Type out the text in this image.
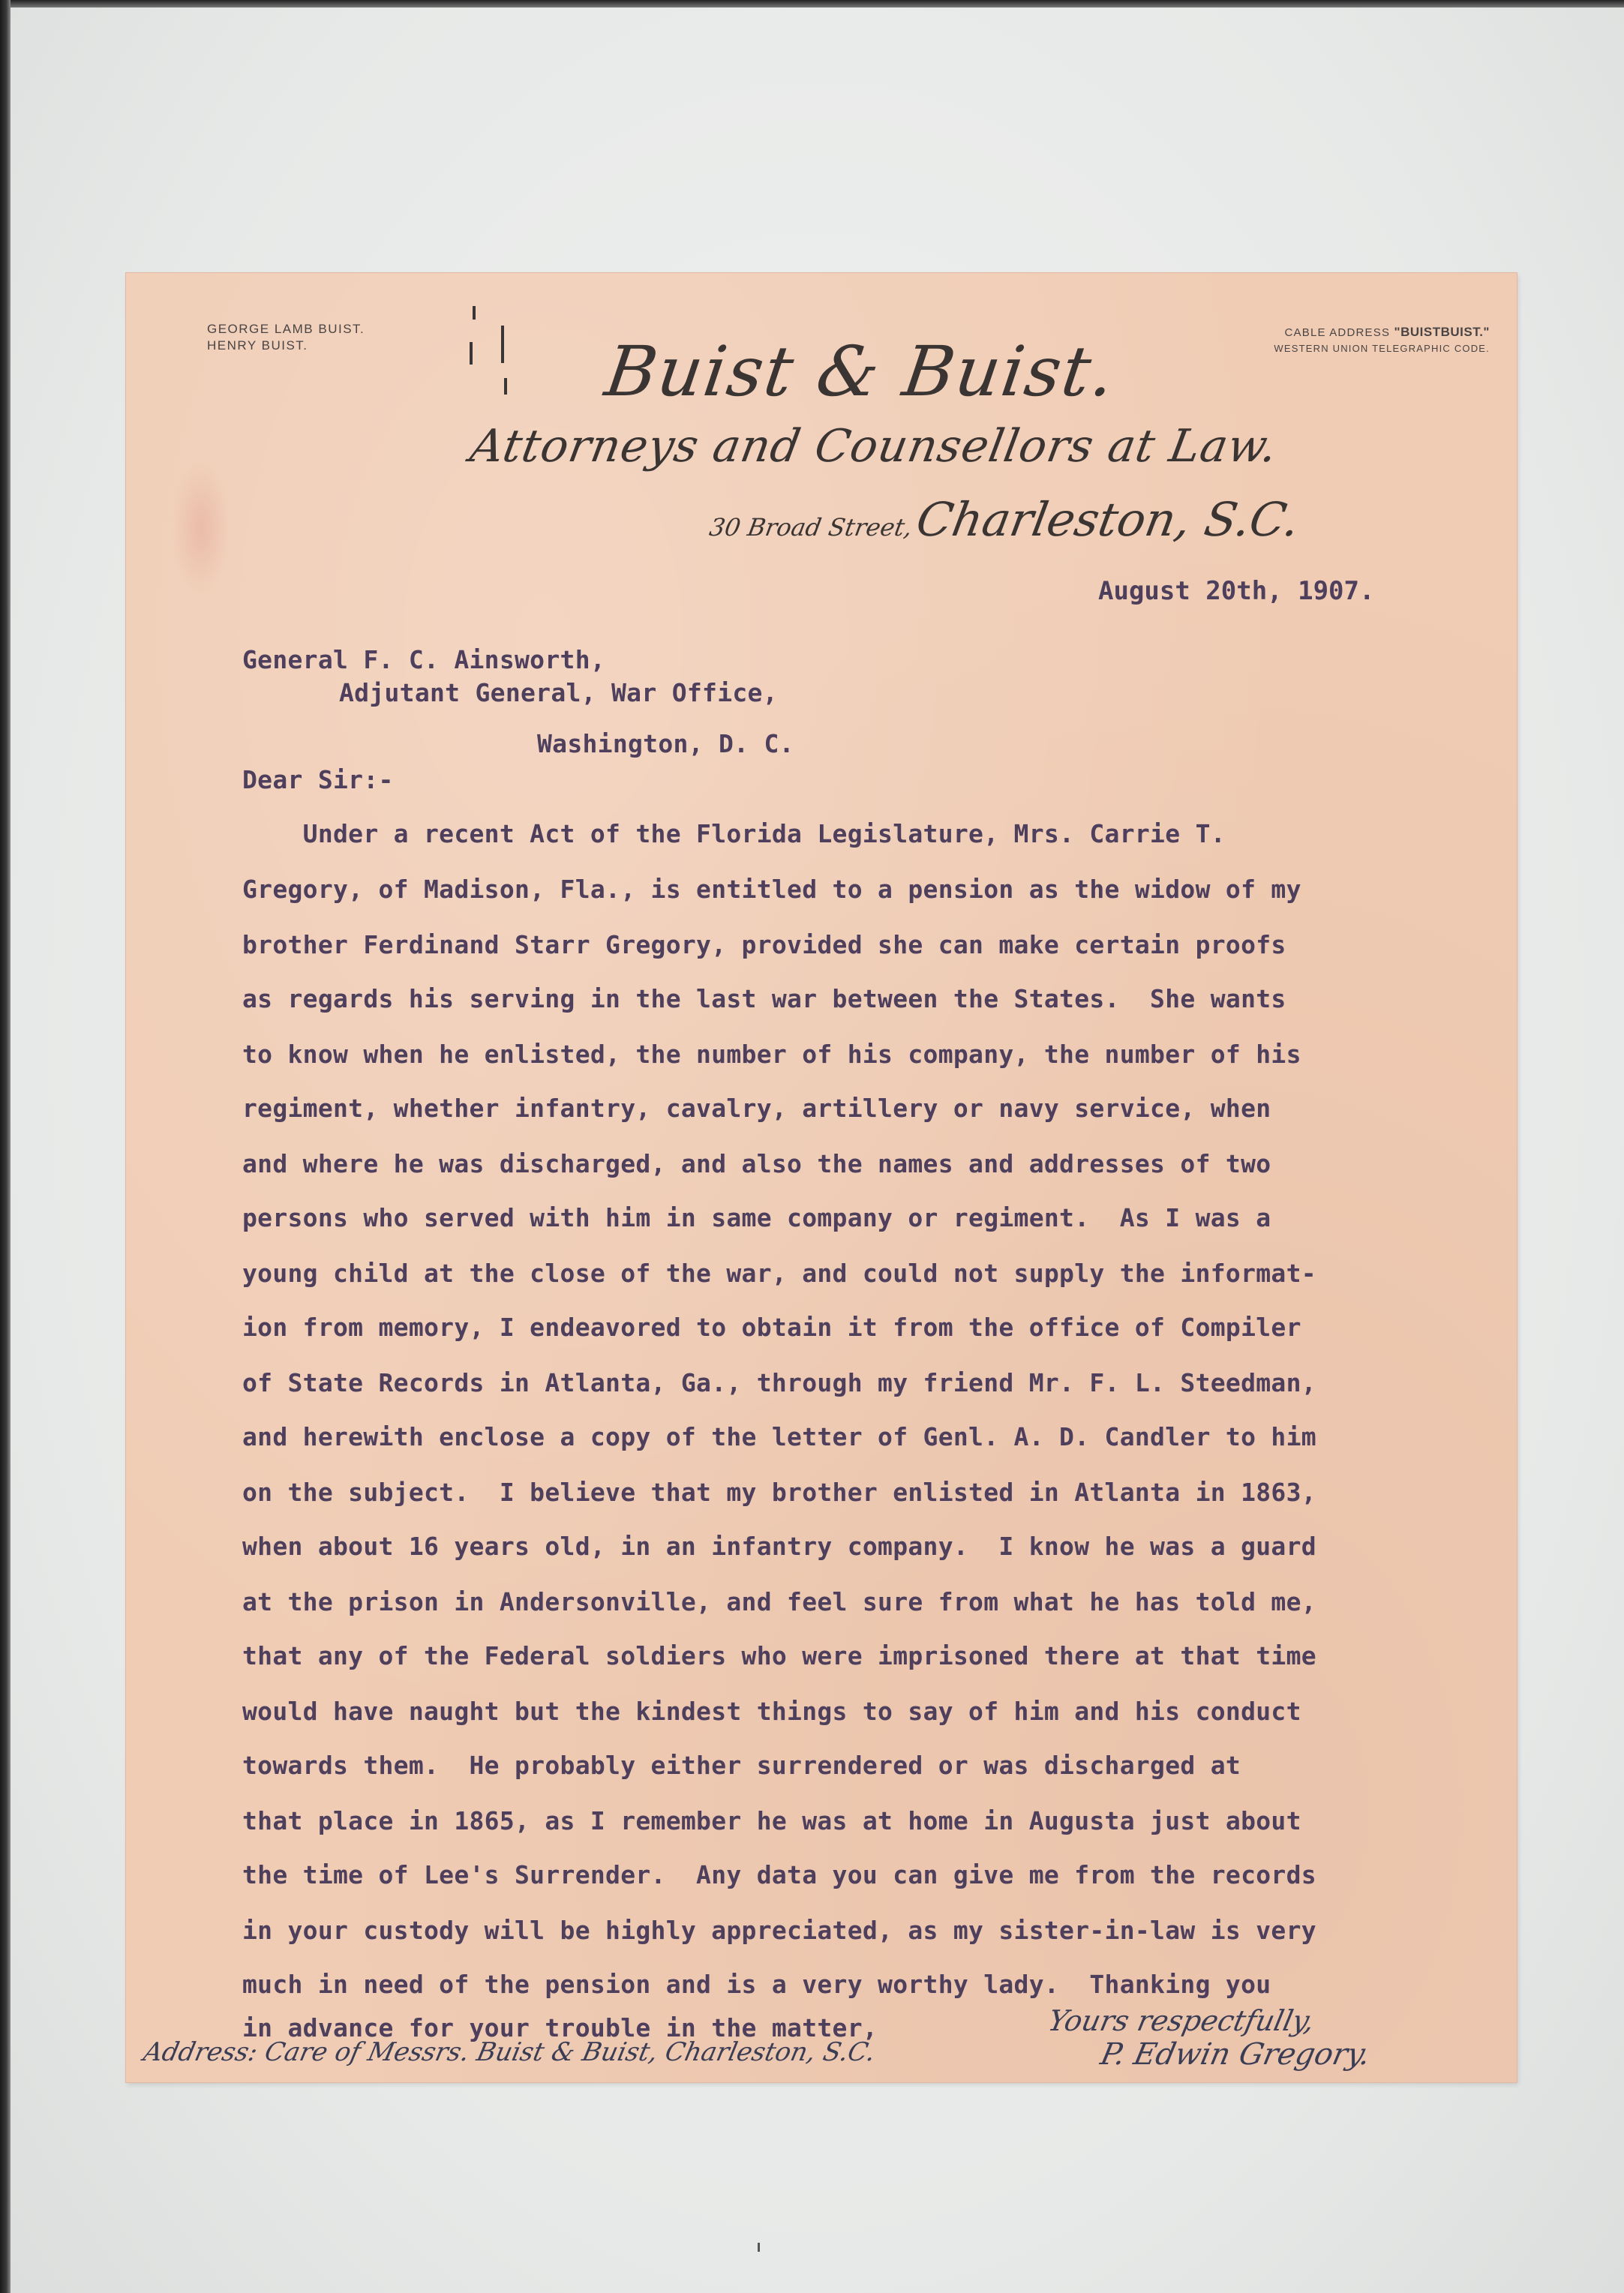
GEORGE LAMB BUIST.
HENRY BUIST.
CABLE ADDRESS "BUISTBUIST."
WESTERN UNION TELEGRAPHIC CODE.
Buist & Buist.
Attorneys and Counsellors at Law.
30 Broad Street, Charleston, S.C.
August 20th, 1907.
General F. C. Ainsworth,
Adjutant General, War Office,
Washington, D. C.
Dear Sir:-
Under a recent Act of the Florida Legislature, Mrs. Carrie T.
Gregory, of Madison, Fla., is entitled to a pension as the widow of my
brother Ferdinand Starr Gregory, provided she can make certain proofs
as regards his serving in the last war between the States.  She wants
to know when he enlisted, the number of his company, the number of his
regiment, whether infantry, cavalry, artillery or navy service, when
and where he was discharged, and also the names and addresses of two
persons who served with him in same company or regiment.  As I was a
young child at the close of the war, and could not supply the informat-
ion from memory, I endeavored to obtain it from the office of Compiler
of State Records in Atlanta, Ga., through my friend Mr. F. L. Steedman,
and herewith enclose a copy of the letter of Genl. A. D. Candler to him
on the subject.  I believe that my brother enlisted in Atlanta in 1863,
when about 16 years old, in an infantry company.  I know he was a guard
at the prison in Andersonville, and feel sure from what he has told me,
that any of the Federal soldiers who were imprisoned there at that time
would have naught but the kindest things to say of him and his conduct
towards them.  He probably either surrendered or was discharged at
that place in 1865, as I remember he was at home in Augusta just about
the time of Lee's Surrender.  Any data you can give me from the records
in your custody will be highly appreciated, as my sister-in-law is very
much in need of the pension and is a very worthy lady.  Thanking you
in advance for your trouble in the matter,	Yours respectfully,
P. Edwin Gregory.
Address: Care of Messrs. Buist & Buist, Charleston, S.C.
